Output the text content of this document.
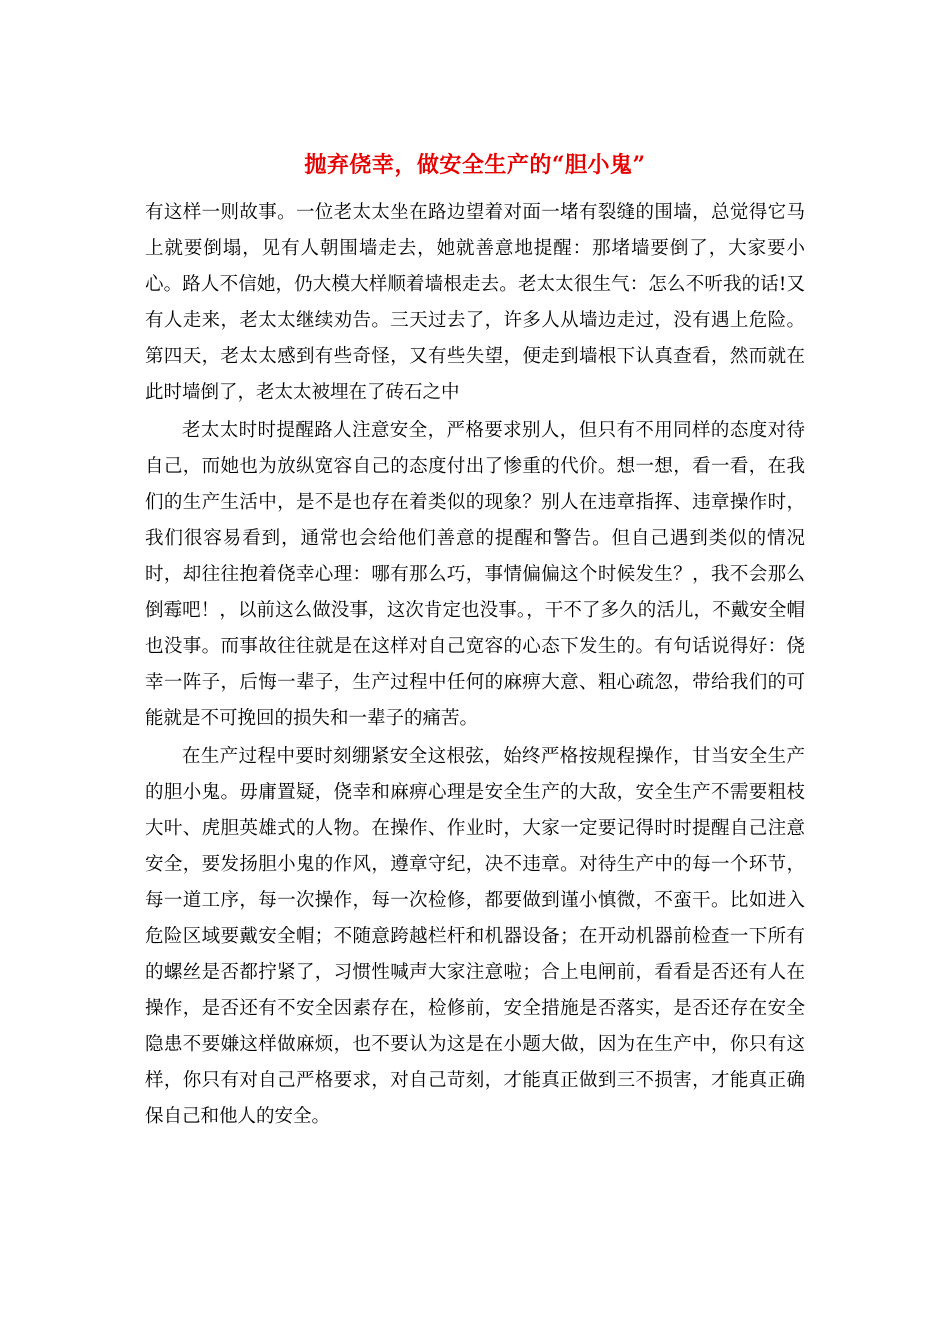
抛弃侥幸，做安全生产的“胆小鬼”

有这样一则故事。一位老太太坐在路边望着对面一堵有裂缝的围墙，总觉得它马上就要倒塌，见有人朝围墙走去，她就善意地提醒：那堵墙要倒了，大家要小心。路人不信她，仍大模大样顺着墙根走去。老太太很生气：怎么不听我的话!又有人走来，老太太继续劝告。三天过去了，许多人从墙边走过，没有遇上危险。第四天，老太太感到有些奇怪，又有些失望，便走到墙根下认真查看，然而就在此时墙倒了，老太太被埋在了砖石之中

老太太时时提醒路人注意安全，严格要求别人，但只有不用同样的态度对待自己，而她也为放纵宽容自己的态度付出了惨重的代价。想一想，看一看，在我们的生产生活中，是不是也存在着类似的现象？别人在违章指挥、违章操作时，我们很容易看到，通常也会给他们善意的提醒和警告。但自己遇到类似的情况时，却往往抱着侥幸心理：哪有那么巧，事情偏偏这个时候发生？，我不会那么倒霉吧！，以前这么做没事，这次肯定也没事。，干不了多久的活儿，不戴安全帽也没事。而事故往往就是在这样对自己宽容的心态下发生的。有句话说得好：侥幸一阵子，后悔一辈子，生产过程中任何的麻痹大意、粗心疏忽，带给我们的可能就是不可挽回的损失和一辈子的痛苦。

在生产过程中要时刻绷紧安全这根弦，始终严格按规程操作，甘当安全生产的胆小鬼。毋庸置疑，侥幸和麻痹心理是安全生产的大敌，安全生产不需要粗枝大叶、虎胆英雄式的人物。在操作、作业时，大家一定要记得时时提醒自己注意安全，要发扬胆小鬼的作风，遵章守纪，决不违章。对待生产中的每一个环节，每一道工序，每一次操作，每一次检修，都要做到谨小慎微，不蛮干。比如进入危险区域要戴安全帽；不随意跨越栏杆和机器设备；在开动机器前检查一下所有的螺丝是否都拧紧了，习惯性喊声大家注意啦；合上电闸前，看看是否还有人在操作，是否还有不安全因素存在，检修前，安全措施是否落实，是否还存在安全隐患不要嫌这样做麻烦，也不要认为这是在小题大做，因为在生产中，你只有这样，你只有对自己严格要求，对自己苛刻，才能真正做到三不损害，才能真正确保自己和他人的安全。
